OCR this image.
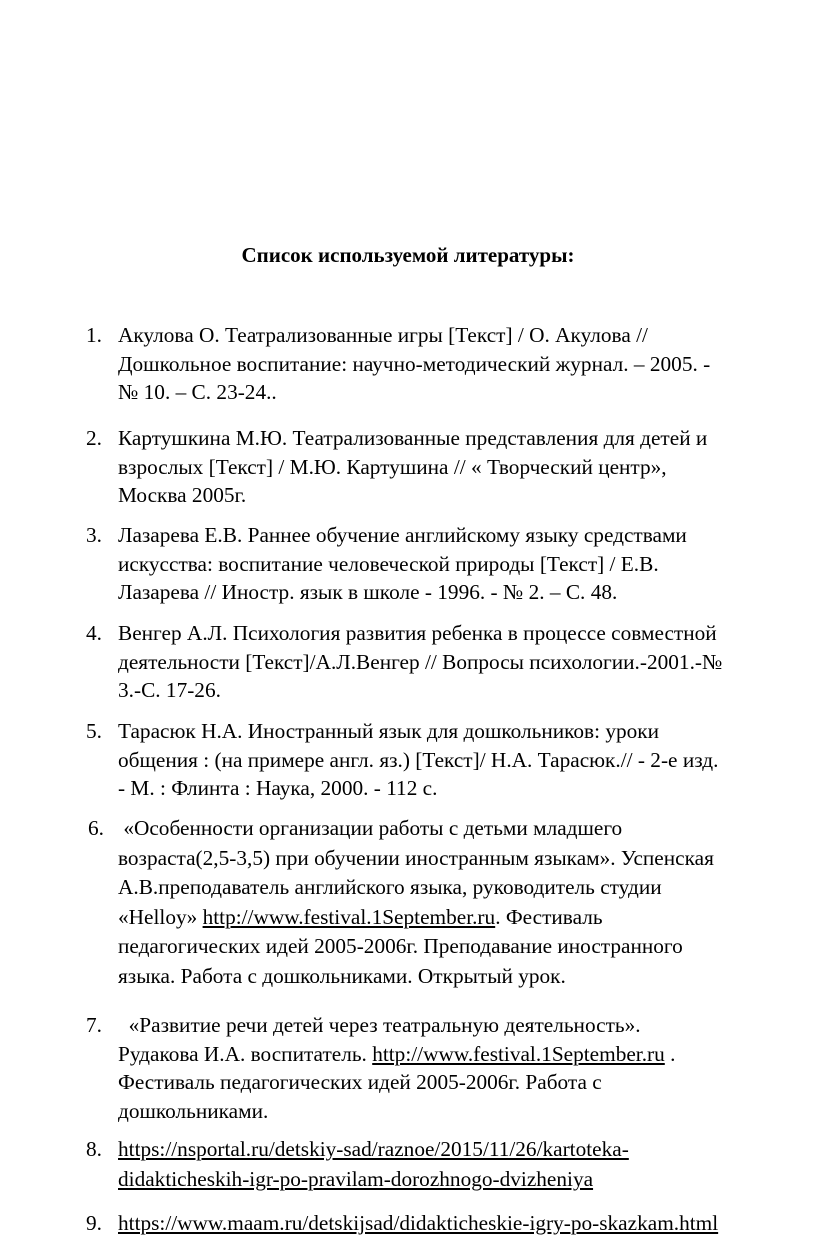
Список используемой литературы:
1. Акулова О. Театрализованные игры [Текст] / О. Акулова //
Дошкольное воспитание: научно-методический журнал. – 2005. -
№ 10. – С. 23-24..
2. Картушкина М.Ю. Театрализованные представления для детей и
взрослых [Текст] / М.Ю. Картушина // « Творческий центр»,
Москва 2005г.
3. Лазарева Е.В. Раннее обучение английскому языку средствами
искусства: воспитание человеческой природы [Текст] / Е.В.
Лазарева // Иностр. язык в школе - 1996. - № 2. – С. 48.
4. Венгер А.Л. Психология развития ребенка в процессе совместной
деятельности [Текст]/А.Л.Венгер // Вопросы психологии.-2001.-№
3.-С. 17-26.
5. Тарасюк Н.А. Иностранный язык для дошкольников: уроки
общения : (на примере англ. яз.) [Текст]/ Н.А. Тарасюк.// - 2-е изд.
- М. : Флинта : Наука, 2000. - 112 с.
6. «Особенности организации работы с детьми младшего
возраста(2,5-3,5) при обучении иностранным языкам». Успенская
А.В.преподаватель английского языка, руководитель студии
«Helloy» http://www.festival.1September.ru. Фестиваль
педагогических идей 2005-2006г. Преподавание иностранного
языка. Работа с дошкольниками. Открытый урок.
7. «Развитие речи детей через театральную деятельность».
Рудакова И.А. воспитатель. http://www.festival.1September.ru .
Фестиваль педагогических идей 2005-2006г. Работа с
дошкольниками.
8. https://nsportal.ru/detskiy-sad/raznoe/2015/11/26/kartoteka-
didakticheskih-igr-po-pravilam-dorozhnogo-dvizheniya
9. https://www.maam.ru/detskijsad/didakticheskie-igry-po-skazkam.html
